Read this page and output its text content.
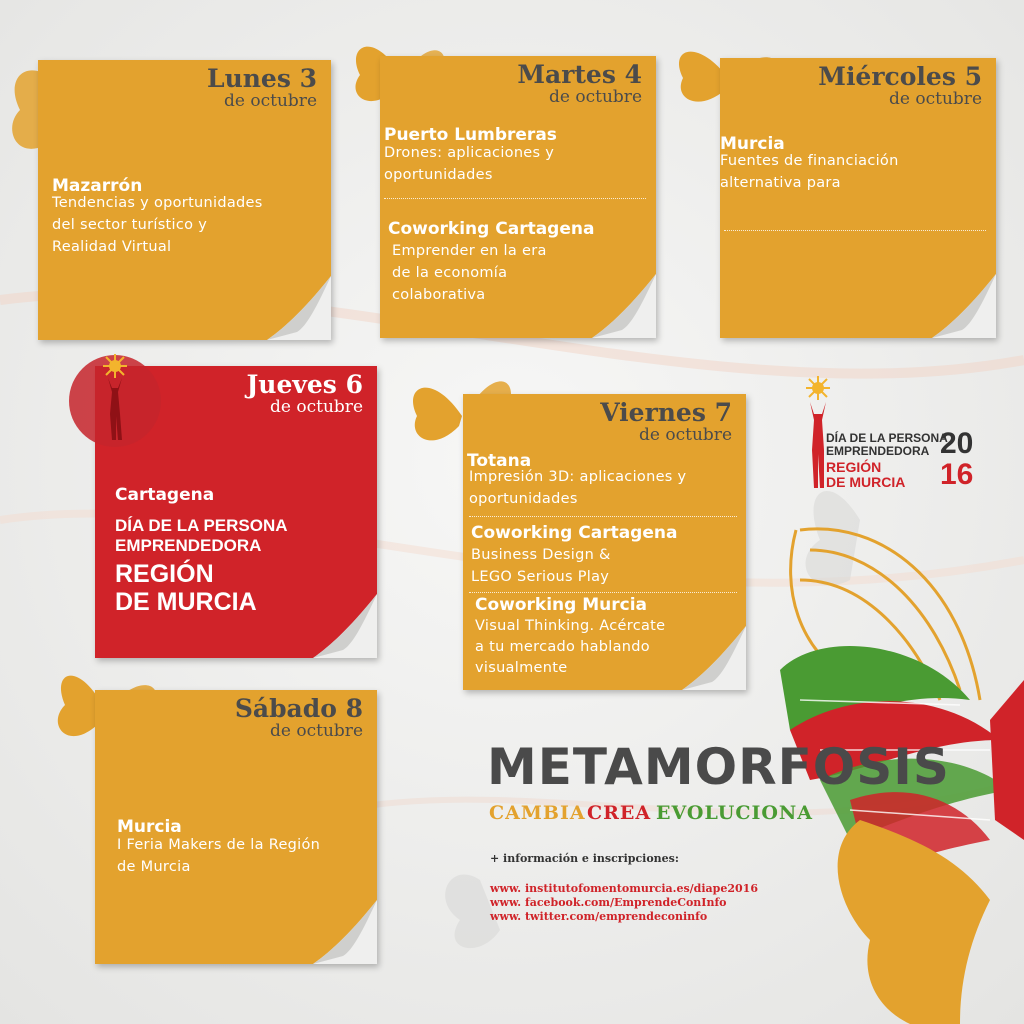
Lunes 3
de octubre
Mazarrón
Tendencias y oportunidades
del sector turístico y
Realidad Virtual
Martes 4
de octubre
Puerto Lumbreras
Drones: aplicaciones y
oportunidades
Coworking Cartagena
Emprender en la era
de la economía
colaborativa
Miércoles 5
de octubre
Murcia
Fuentes de financiación
alternativa para
Jueves 6
de octubre
Cartagena
DÍA DE LA PERSONA
EMPRENDEDORA
REGIÓN
DE MURCIA
Viernes 7
de octubre
Totana
Impresión 3D: aplicaciones y
oportunidades
Coworking Cartagena
Business Design &
LEGO Serious Play
Coworking Murcia
Visual Thinking. Acércate
a tu mercado hablando
visualmente
Sábado 8
de octubre
Murcia
I Feria Makers de la Región
de Murcia
DÍA DE LA PERSONA
EMPRENDEDORA
REGIÓN
DE MURCIA
20
16
METAMORFOSIS
CAMBIA CREA EVOLUCIONA
+ información e inscripciones:
www. institutofomentomurcia.es/diape2016
www. facebook.com/EmprendeConInfo
www. twitter.com/emprendeconinfo
